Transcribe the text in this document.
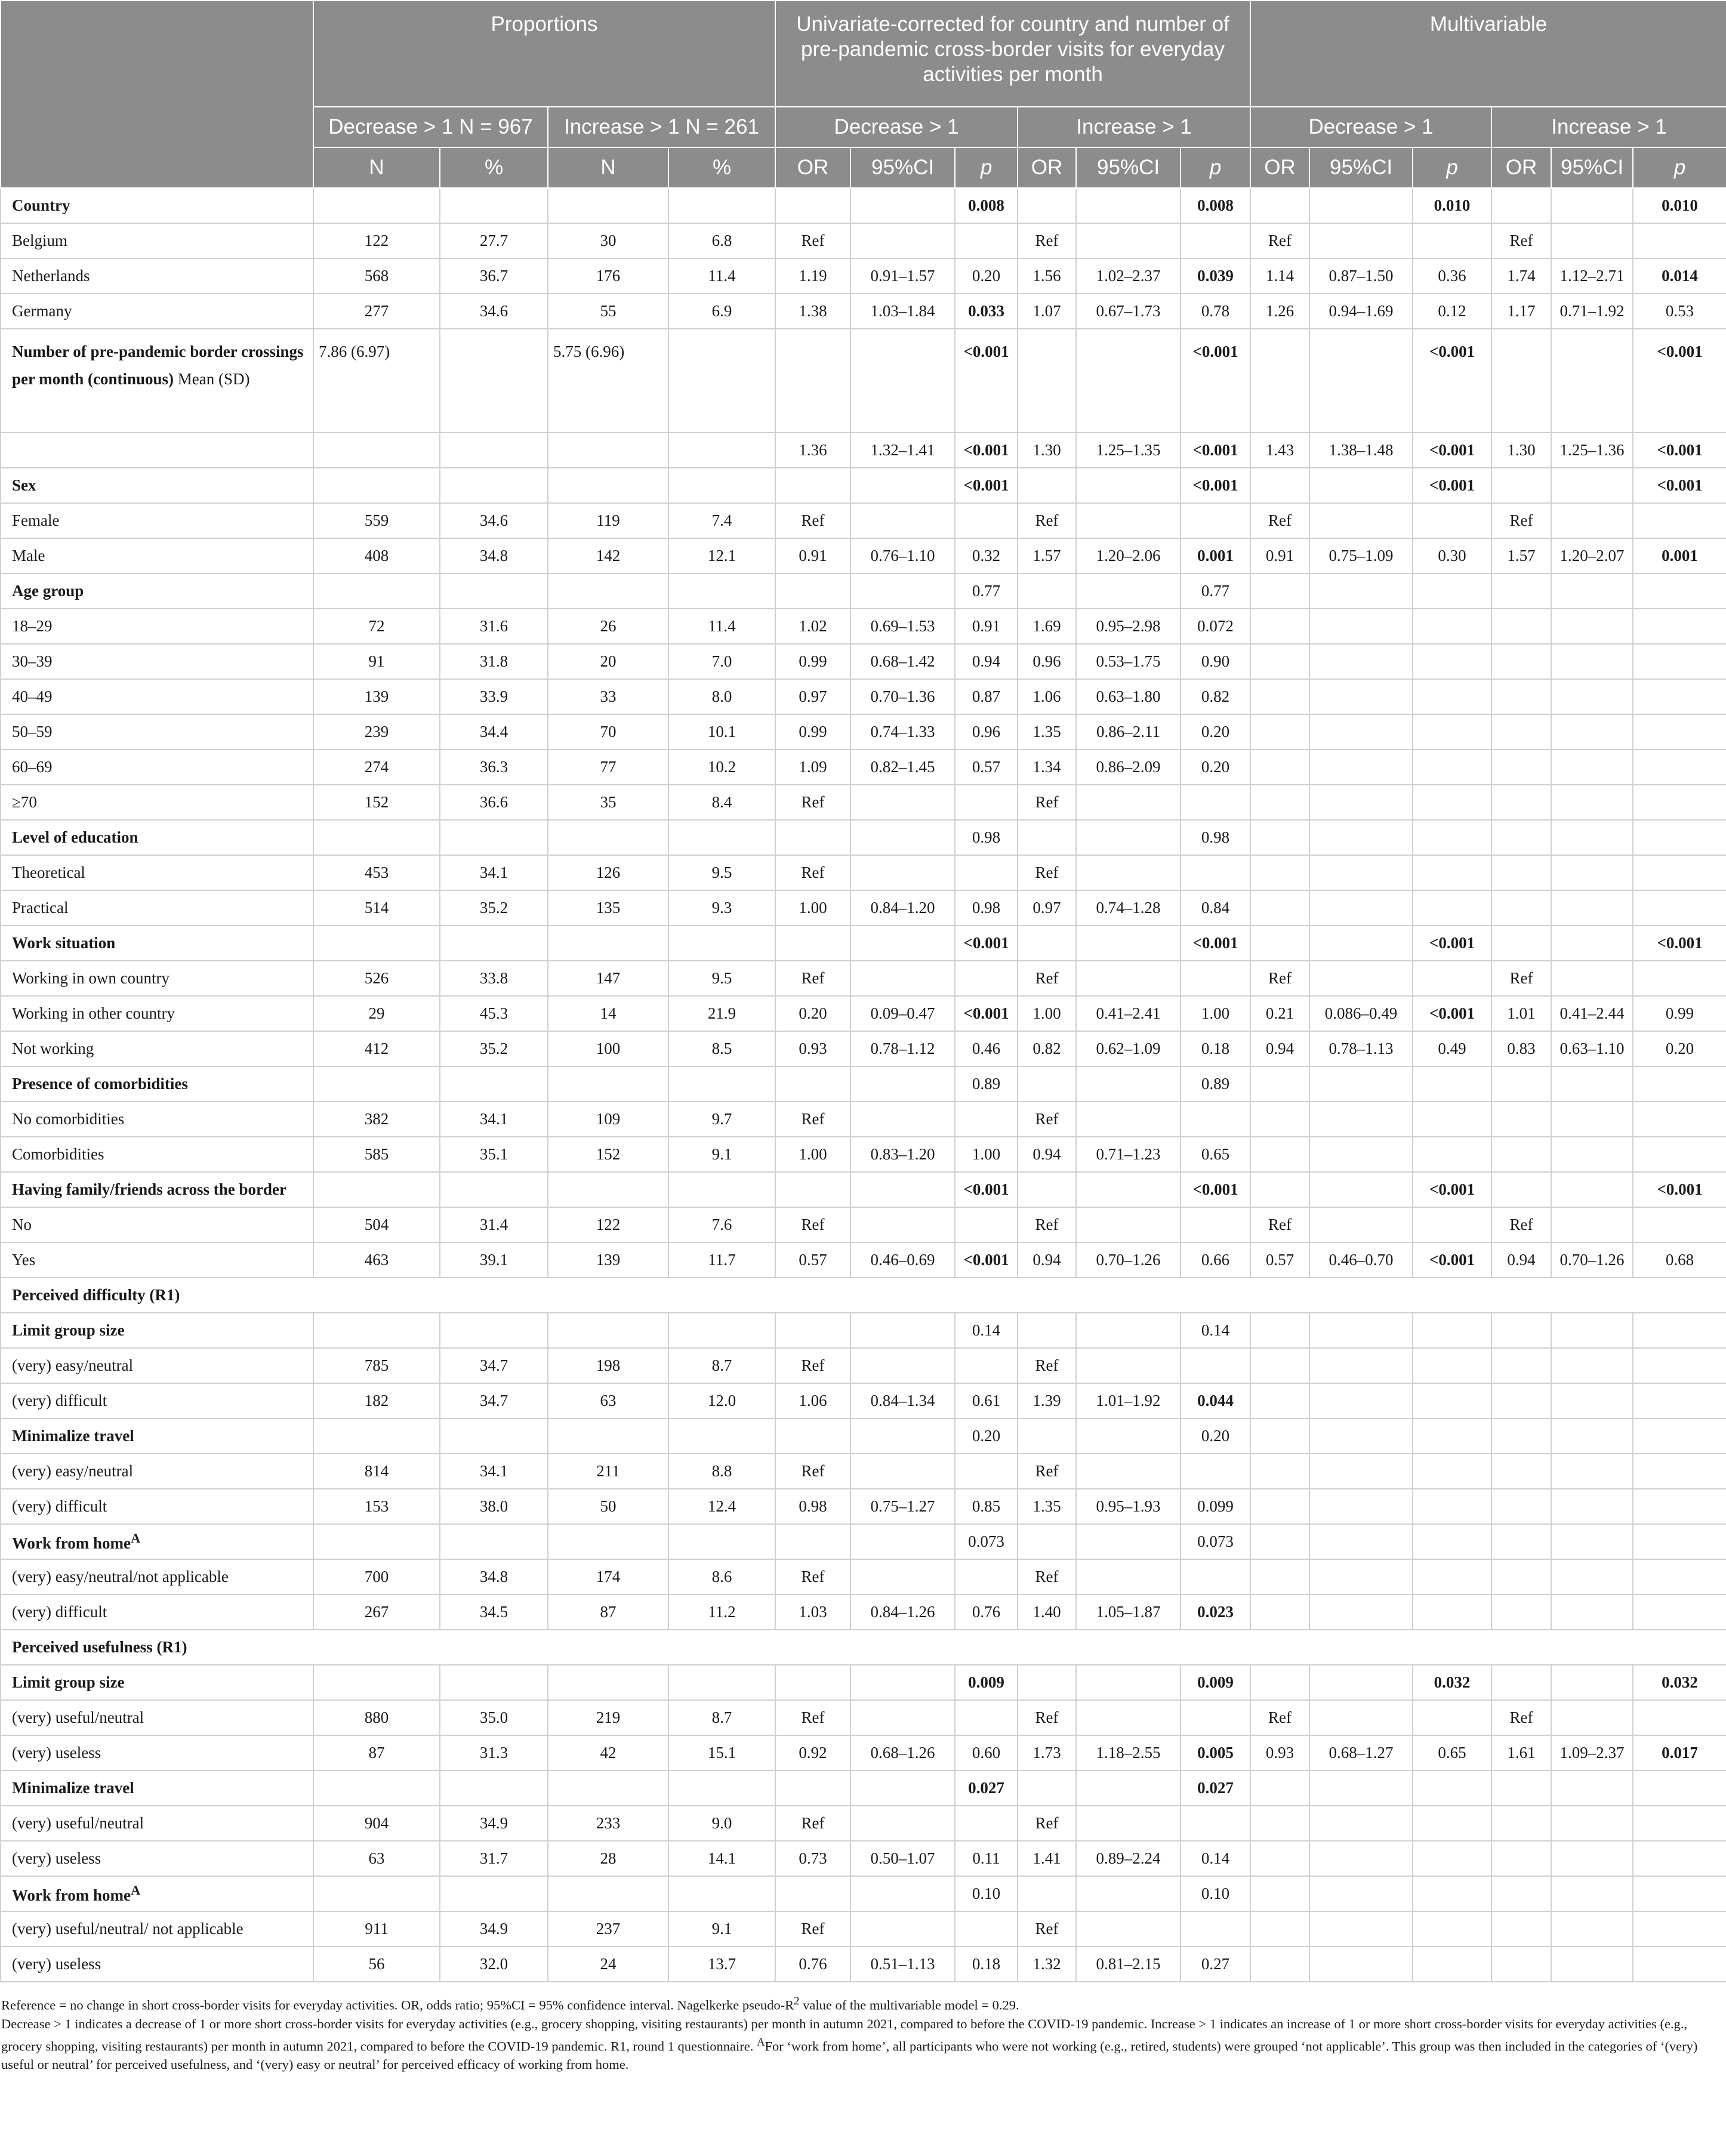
	Proportions				Univariate-corrected for country and number of pre-pandemic cross-border visits for everyday activities per month						Multivariable					
	Decrease > 1 N = 967		Increase > 1 N = 261		Decrease > 1			Increase > 1			Decrease > 1			Increase > 1		
	N	%	N	%	OR	95%CI	p	OR	95%CI	p	OR	95%CI	p	OR	95%CI	p
Country							0.008			0.008			0.010			0.010
Belgium	122	27.7	30	6.8	Ref			Ref			Ref			Ref		
Netherlands	568	36.7	176	11.4	1.19	0.91–1.57	0.20	1.56	1.02–2.37	0.039	1.14	0.87–1.50	0.36	1.74	1.12–2.71	0.014
Germany	277	34.6	55	6.9	1.38	1.03–1.84	0.033	1.07	0.67–1.73	0.78	1.26	0.94–1.69	0.12	1.17	0.71–1.92	0.53
Number of pre-pandemic border crossings per month (continuous) Mean (SD)	7.86 (6.97)		5.75 (6.96)				<0.001			<0.001			<0.001			<0.001
					1.36	1.32–1.41	<0.001	1.30	1.25–1.35	<0.001	1.43	1.38–1.48	<0.001	1.30	1.25–1.36	<0.001
Sex							<0.001			<0.001			<0.001			<0.001
Female	559	34.6	119	7.4	Ref			Ref			Ref			Ref		
Male	408	34.8	142	12.1	0.91	0.76–1.10	0.32	1.57	1.20–2.06	0.001	0.91	0.75–1.09	0.30	1.57	1.20–2.07	0.001
Age group							0.77			0.77						
18–29	72	31.6	26	11.4	1.02	0.69–1.53	0.91	1.69	0.95–2.98	0.072						
30–39	91	31.8	20	7.0	0.99	0.68–1.42	0.94	0.96	0.53–1.75	0.90						
40–49	139	33.9	33	8.0	0.97	0.70–1.36	0.87	1.06	0.63–1.80	0.82						
50–59	239	34.4	70	10.1	0.99	0.74–1.33	0.96	1.35	0.86–2.11	0.20						
60–69	274	36.3	77	10.2	1.09	0.82–1.45	0.57	1.34	0.86–2.09	0.20						
≥70	152	36.6	35	8.4	Ref			Ref								
Level of education							0.98			0.98						
Theoretical	453	34.1	126	9.5	Ref			Ref								
Practical	514	35.2	135	9.3	1.00	0.84–1.20	0.98	0.97	0.74–1.28	0.84						
Work situation							<0.001			<0.001			<0.001			<0.001
Working in own country	526	33.8	147	9.5	Ref			Ref			Ref			Ref		
Working in other country	29	45.3	14	21.9	0.20	0.09–0.47	<0.001	1.00	0.41–2.41	1.00	0.21	0.086–0.49	<0.001	1.01	0.41–2.44	0.99
Not working	412	35.2	100	8.5	0.93	0.78–1.12	0.46	0.82	0.62–1.09	0.18	0.94	0.78–1.13	0.49	0.83	0.63–1.10	0.20
Presence of comorbidities							0.89			0.89						
No comorbidities	382	34.1	109	9.7	Ref			Ref								
Comorbidities	585	35.1	152	9.1	1.00	0.83–1.20	1.00	0.94	0.71–1.23	0.65						
Having family/friends across the border							<0.001			<0.001			<0.001			<0.001
No	504	31.4	122	7.6	Ref			Ref			Ref			Ref		
Yes	463	39.1	139	11.7	0.57	0.46–0.69	<0.001	0.94	0.70–1.26	0.66	0.57	0.46–0.70	<0.001	0.94	0.70–1.26	0.68
Perceived difficulty (R1)																
Limit group size							0.14			0.14						
(very) easy/neutral	785	34.7	198	8.7	Ref			Ref								
(very) difficult	182	34.7	63	12.0	1.06	0.84–1.34	0.61	1.39	1.01–1.92	0.044						
Minimalize travel							0.20			0.20						
(very) easy/neutral	814	34.1	211	8.8	Ref			Ref								
(very) difficult	153	38.0	50	12.4	0.98	0.75–1.27	0.85	1.35	0.95–1.93	0.099						
Work from home$^A$							0.073			0.073						
(very) easy/neutral/not applicable	700	34.8	174	8.6	Ref			Ref								
(very) difficult	267	34.5	87	11.2	1.03	0.84–1.26	0.76	1.40	1.05–1.87	0.023						
Perceived usefulness (R1)																
Limit group size							0.009			0.009			0.032			0.032
(very) useful/neutral	880	35.0	219	8.7	Ref			Ref			Ref			Ref		
(very) useless	87	31.3	42	15.1	0.92	0.68–1.26	0.60	1.73	1.18–2.55	0.005	0.93	0.68–1.27	0.65	1.61	1.09–2.37	0.017
Minimalize travel							0.027			0.027						
(very) useful/neutral	904	34.9	233	9.0	Ref			Ref								
(very) useless	63	31.7	28	14.1	0.73	0.50–1.07	0.11	1.41	0.89–2.24	0.14						
Work from home$^A$							0.10			0.10						
(very) useful/neutral/ not applicable	911	34.9	237	9.1	Ref			Ref								
(very) useless	56	32.0	24	13.7	0.76	0.51–1.13	0.18	1.32	0.81–2.15	0.27						
Reference = no change in short cross-border visits for everyday activities. OR, odds ratio; 95%CI = 95% confidence interval. Nagelkerke pseudo-$R^2$ value of the multivariable model = 0.29.
Decrease > 1 indicates a decrease of 1 or more short cross-border visits for everyday activities (e.g., grocery shopping, visiting restaurants) per month in autumn 2021, compared to before the COVID-19 pandemic. Increase > 1 indicates an increase of 1 or more short cross-border visits for everyday activities (e.g., grocery shopping, visiting restaurants) per month in autumn 2021, compared to before the COVID-19 pandemic. R1, round 1 questionnaire. $^A$For ‘work from home’, all participants who were not working (e.g., retired, students) were grouped ‘not applicable’. This group was then included in the categories of ‘(very) useful or neutral’ for perceived usefulness, and ‘(very) easy or neutral’ for perceived efficacy of working from home.
